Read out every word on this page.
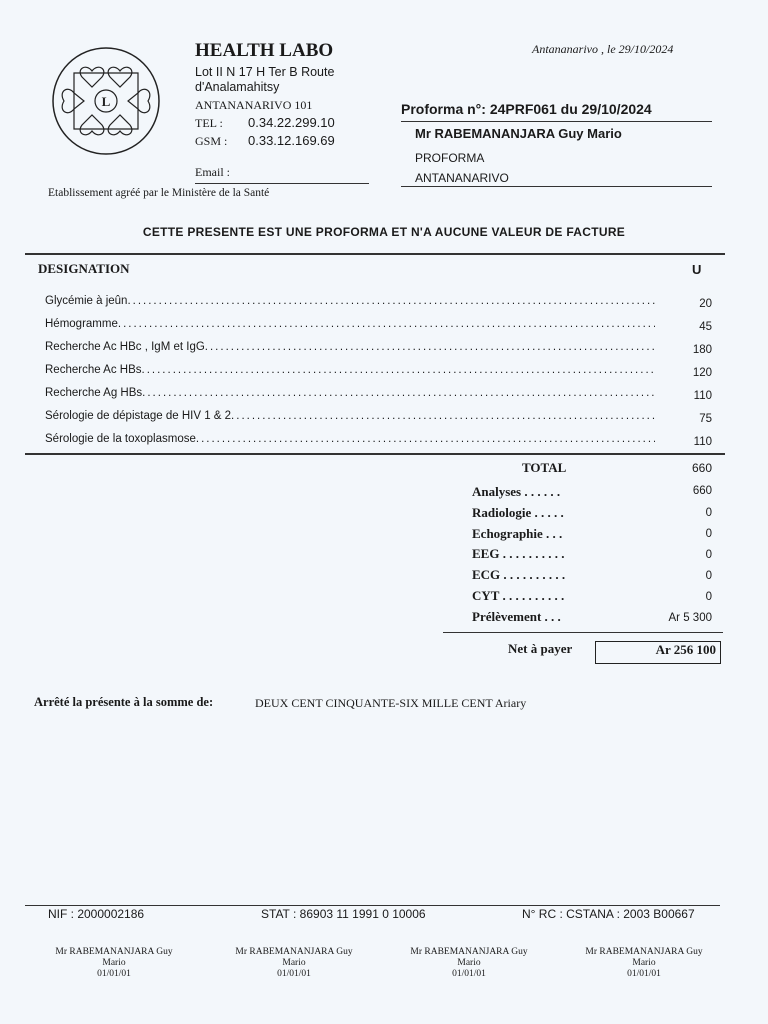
L
HEALTH LABO
Lot II N 17 H Ter B Route d'Analamahitsy
ANTANANARIVO 101
TEL : 0.34.22.299.10
GSM : 0.33.12.169.69
Email :
Etablissement agréé par le Ministère de la Santé
Antananarivo , le 29/10/2024
Proforma n°: 24PRF061 du 29/10/2024
Mr RABEMANANJARA Guy Mario
PROFORMA
ANTANANARIVO
CETTE PRESENTE EST UNE PROFORMA ET N'A AUCUNE VALEUR DE FACTURE
DESIGNATION	U
Glycémie à jeûn. .....	20
Hémogramme. .....	45
Recherche Ac HBc , IgM et IgG. .....	180
Recherche Ac HBs. .....	120
Recherche Ag HBs. .....	110
Sérologie de dépistage de HIV 1 & 2. .....	75
Sérologie de la toxoplasmose. .....	110
TOTAL	660
Analyses . . . . . .	660
Radiologie . . . . .	0
Echographie . . .	0
EEG . . . . . . . . . .	0
ECG . . . . . . . . . .	0
CYT . . . . . . . . . .	0
Prélèvement . . .	Ar 5 300
Net à payer	Ar 256 100
Arrêté la présente à la somme de:	DEUX CENT CINQUANTE-SIX MILLE CENT Ariary
NIF : 2000002186	STAT : 86903 11 1991 0 10006	N° RC : CSTANA : 2003 B00667
Mr RABEMANANJARA Guy
Mario
01/01/01
Mr RABEMANANJARA Guy
Mario
01/01/01
Mr RABEMANANJARA Guy
Mario
01/01/01
Mr RABEMANANJARA Guy
Mario
01/01/01
